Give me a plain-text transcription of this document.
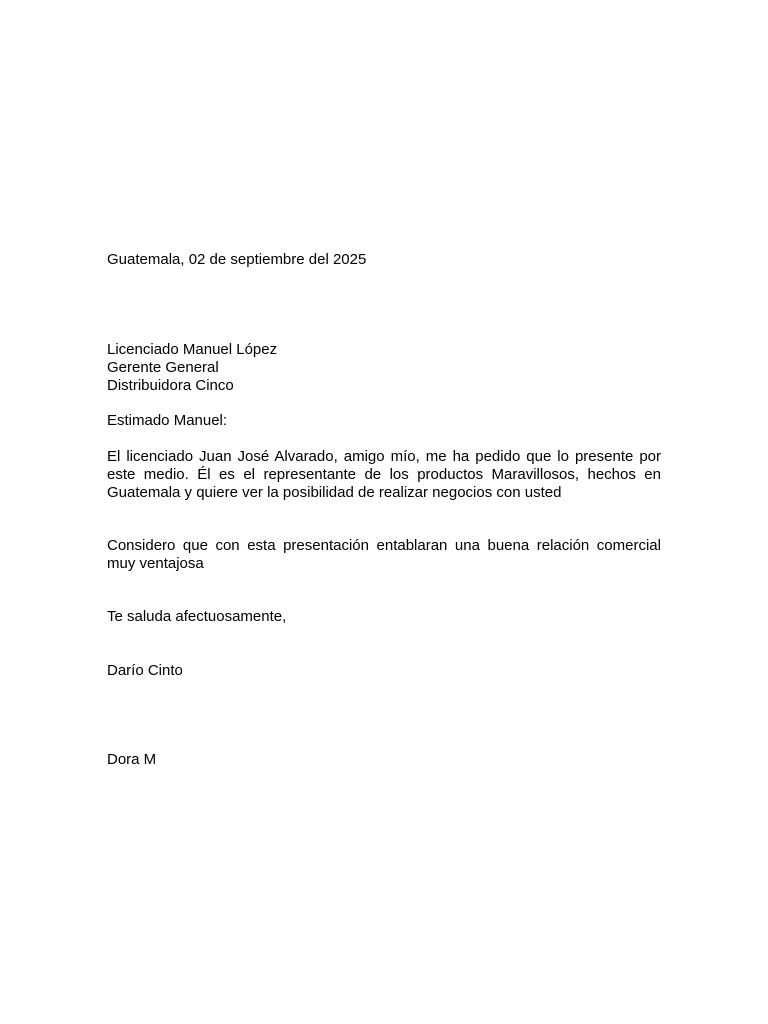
Guatemala, 02 de septiembre del 2025

Licenciado Manuel López
Gerente General
Distribuidora Cinco

Estimado Manuel:

El licenciado Juan José Alvarado, amigo mío, me ha pedido que lo presente por este medio. Él es el representante de los productos Maravillosos, hechos en Guatemala y quiere ver la posibilidad de realizar negocios con usted

Considero que con esta presentación entablaran una buena relación comercial muy ventajosa

Te saluda afectuosamente,

Darío Cinto

Dora M
